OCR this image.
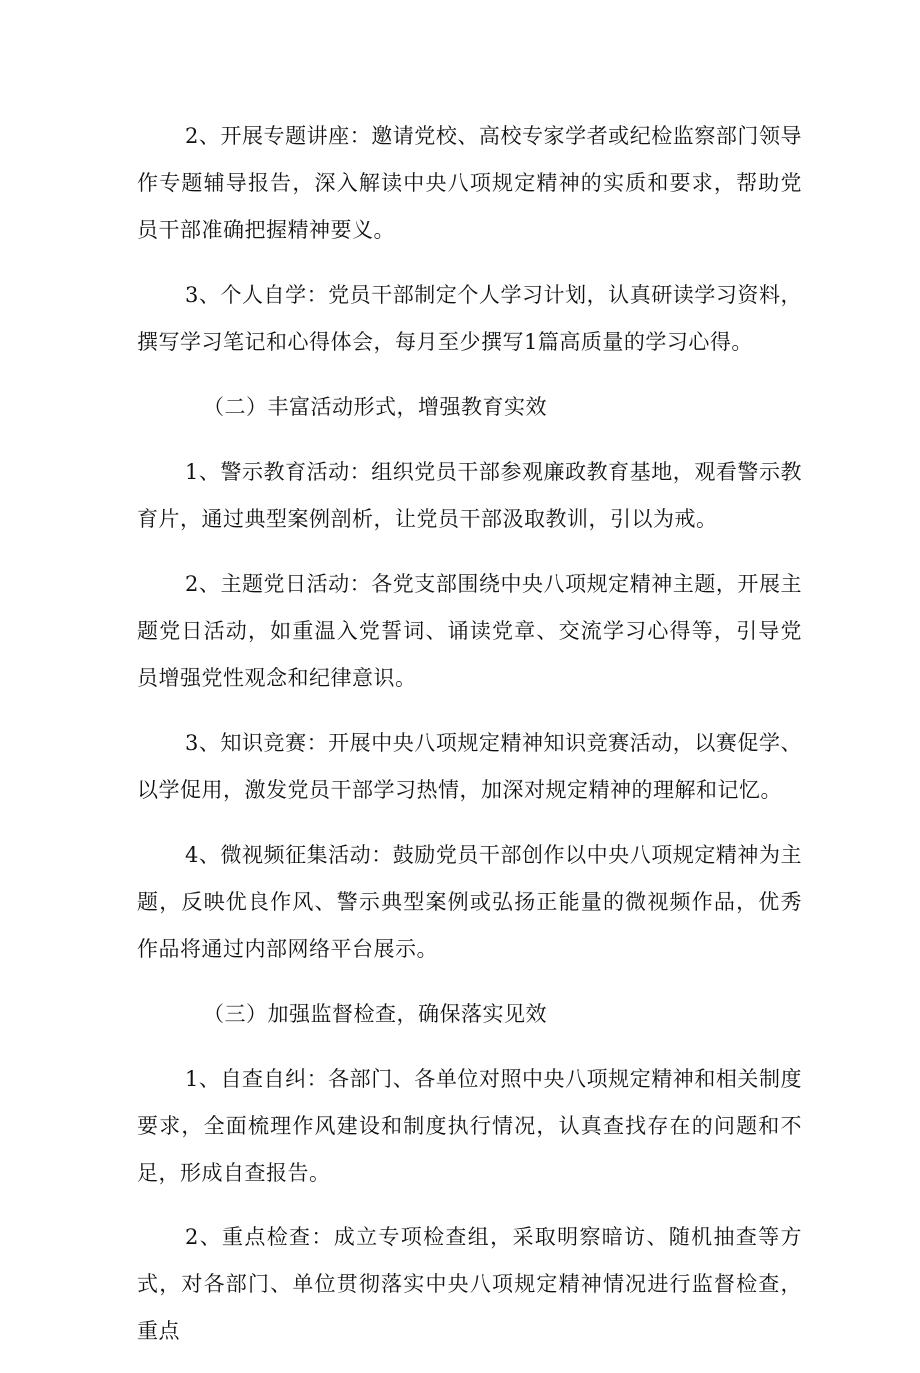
2、开展专题讲座：邀请党校、高校专家学者或纪检监察部门领导作专题辅导报告，深入解读中央八项规定精神的实质和要求，帮助党员干部准确把握精神要义。

3、个人自学：党员干部制定个人学习计划，认真研读学习资料，撰写学习笔记和心得体会，每月至少撰写1篇高质量的学习心得。

（二）丰富活动形式，增强教育实效

1、警示教育活动：组织党员干部参观廉政教育基地，观看警示教育片，通过典型案例剖析，让党员干部汲取教训，引以为戒。

2、主题党日活动：各党支部围绕中央八项规定精神主题，开展主题党日活动，如重温入党誓词、诵读党章、交流学习心得等，引导党员增强党性观念和纪律意识。

3、知识竞赛：开展中央八项规定精神知识竞赛活动，以赛促学、以学促用，激发党员干部学习热情，加深对规定精神的理解和记忆。

4、微视频征集活动：鼓励党员干部创作以中央八项规定精神为主题，反映优良作风、警示典型案例或弘扬正能量的微视频作品，优秀作品将通过内部网络平台展示。

（三）加强监督检查，确保落实见效

1、自查自纠：各部门、各单位对照中央八项规定精神和相关制度要求，全面梳理作风建设和制度执行情况，认真查找存在的问题和不足，形成自查报告。

2、重点检查：成立专项检查组，采取明察暗访、随机抽查等方式，对各部门、单位贯彻落实中央八项规定精神情况进行监督检查，重点
